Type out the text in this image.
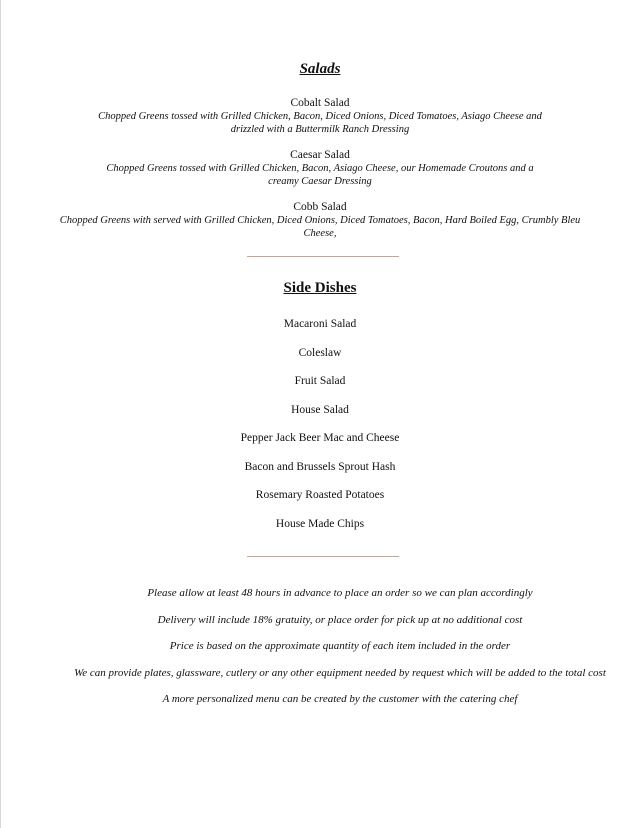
Salads
Cobalt Salad
Chopped Greens tossed with Grilled Chicken, Bacon, Diced Onions, Diced Tomatoes, Asiago Cheese and drizzled with a Buttermilk Ranch Dressing
Caesar Salad
Chopped Greens tossed with Grilled Chicken, Bacon, Asiago Cheese, our Homemade Croutons and a creamy Caesar Dressing
Cobb Salad
Chopped Greens with served with Grilled Chicken, Diced Onions, Diced Tomatoes, Bacon, Hard Boiled Egg, Crumbly Bleu Cheese,
Side Dishes
Macaroni Salad
Coleslaw
Fruit Salad
House Salad
Pepper Jack Beer Mac and Cheese
Bacon and Brussels Sprout Hash
Rosemary Roasted Potatoes
House Made Chips
Please allow at least 48 hours in advance to place an order so we can plan accordingly
Delivery will include 18% gratuity, or place order for pick up at no additional cost
Price is based on the approximate quantity of each item included in the order
We can provide plates, glassware, cutlery or any other equipment needed by request which will be added to the total cost
A more personalized menu can be created by the customer with the catering chef
